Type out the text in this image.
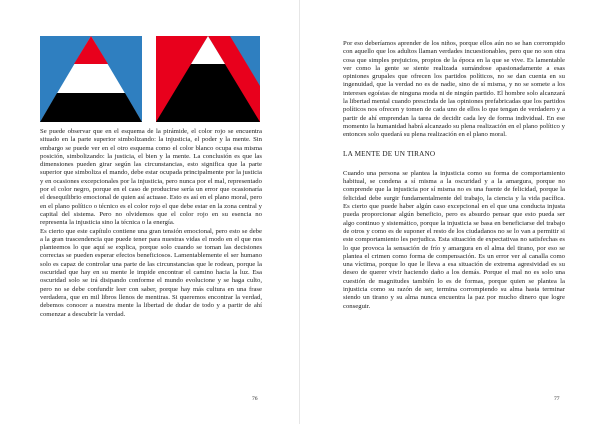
Se puede observar que en el esquema de la pirámide, el color rojo se encuentra situado en la parte superior simbolizando: la injusticia, el poder y la mente. Sin embargo se puede ver en el otro esquema como el color blanco ocupa esa misma posición, simbolizando: la justicia, el bien y la mente. La conclusión es que las dimensiones pueden girar según las circunstancias, esto significa que la parte superior que simboliza el mando, debe estar ocupada principalmente por la justicia y en ocasiones excepcionales por la injusticia, pero nunca por el mal, representado por el color negro, porque en el caso de producirse sería un error que ocasionaría el desequilibrio emocional de quien así actuase. Esto es así en el plano moral, pero en el plano político o técnico es el color rojo el que debe estar en la zona central y capital del sistema. Pero no olvidemos que el color rojo en su esencia no representa la injusticia sino la técnica o la energía.

Es cierto que este capítulo contiene una gran tensión emocional, pero esto se debe a la gran trascendencia que puede tener para nuestras vidas el modo en el que nos planteemos lo que aquí se explica, porque solo cuando se toman las decisiones correctas se pueden esperar efectos beneficiosos. Lamentablemente el ser humano solo es capaz de controlar una parte de las circunstancias que le rodean, porque la oscuridad que hay en su mente le impide encontrar el camino hacia la luz. Esa oscuridad solo se irá disipando conforme el mundo evolucione y se haga culto, pero no se debe confundir leer con saber, porque hay más cultura en una frase verdadera, que en mil libros llenos de mentiras. Si queremos encontrar la verdad, debemos conocer a nuestra mente la libertad de dudar de todo y a partir de ahí comenzar a descubrir la verdad.

76

Por eso deberíamos aprender de los niños, porque ellos aún no se han corrompido con aquello que los adultos llaman verdades incuestionables, pero que no son otra cosa que simples prejuicios, propios de la época en la que se vive. Es lamentable ver como la gente se siente realizada sumándose apasionadamente a esas opiniones grupales que ofrecen los partidos políticos, no se dan cuenta en su ingenuidad, que la verdad no es de nadie, sino de sí misma, y no se somete a los intereses egoístas de ninguna moda ni de ningún partido. El hombre solo alcanzará la libertad mental cuando prescinda de las opiniones prefabricadas que los partidos políticos nos ofrecen y tomen de cada uno de ellos lo que tengan de verdadero y a partir de ahí emprendan la tarea de decidir cada ley de forma individual. En ese momento la humanidad habrá alcanzado su plena realización en el plano político y entonces solo quedará su plena realización en el plano moral.

LA MENTE DE UN TIRANO

Cuando una persona se plantea la injusticia como su forma de comportamiento habitual, se condena a sí misma a la oscuridad y a la amargura, porque no comprende que la injusticia por sí misma no es una fuente de felicidad, porque la felicidad debe surgir fundamentalmente del trabajo, la ciencia y la vida pacífica. Es cierto que puede haber algún caso excepcional en el que una conducta injusta pueda proporcionar algún beneficio, pero es absurdo pensar que esto pueda ser algo continuo y sistemático, porque la injusticia se basa en beneficiarse del trabajo de otros y como es de suponer el resto de los ciudadanos no se lo van a permitir si este comportamiento les perjudica. Esta situación de expectativas no satisfechas es lo que provoca la sensación de frío y amargura en el alma del tirano, por eso se plantea el crimen como forma de compensación. Es un error ver al canalla como una víctima, porque lo que le lleva a esa situación de extrema agresividad es su deseo de querer vivir haciendo daño a los demás. Porque el mal no es solo una cuestión de magnitudes también lo es de formas, porque quien se plantea la injusticia como su razón de ser, termina corrompiendo su alma hasta terminar siendo un tirano y su alma nunca encuentra la paz por mucho dinero que logre conseguir.

77
